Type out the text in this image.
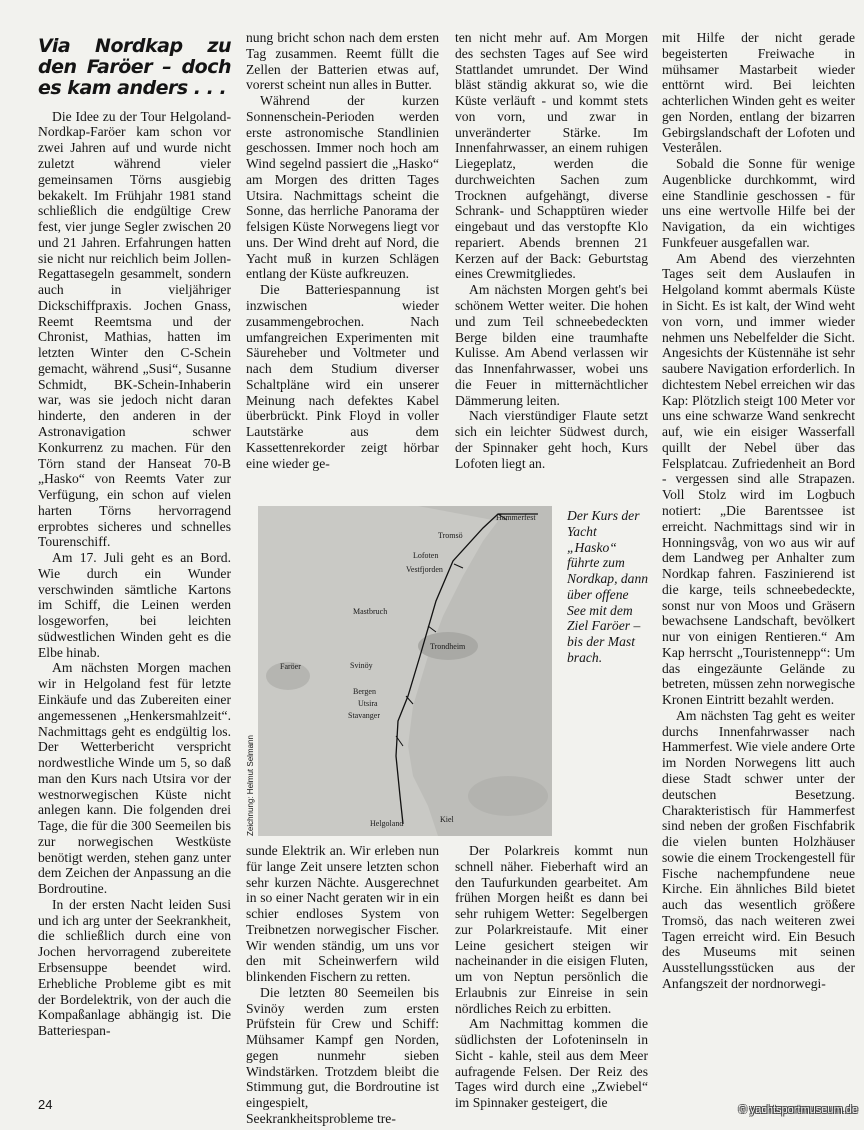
Via Nordkap zu den Faröer – doch es kam anders . . .

Die Idee zu der Tour Helgoland-Nordkap-Faröer kam schon vor zwei Jahren auf und wurde nicht zuletzt während vieler gemeinsamen Törns ausgiebig bekakelt. Im Frühjahr 1981 stand schließlich die endgültige Crew fest, vier junge Segler zwischen 20 und 21 Jahren. Erfahrungen hatten sie nicht nur reichlich beim Jollen-Regattasegeln gesammelt, sondern auch in vieljähriger Dickschiffpraxis. Jochen Gnass, Reemt Reemtsma und der Chronist, Mathias, hatten im letzten Winter den C-Schein gemacht, während „Susi“, Susanne Schmidt, BK-Schein-Inhaberin war, was sie jedoch nicht daran hinderte, den anderen in der Astronavigation schwer Konkurrenz zu machen. Für den Törn stand der Hanseat 70-B „Hasko“ von Reemts Vater zur Verfügung, ein schon auf vielen harten Törns hervorragend erprobtes sicheres und schnelles Tourenschiff.

Am 17. Juli geht es an Bord. Wie durch ein Wunder verschwinden sämtliche Kartons im Schiff, die Leinen werden losgeworfen, bei leichten südwestlichen Winden geht es die Elbe hinab.

Am nächsten Morgen machen wir in Helgoland fest für letzte Einkäufe und das Zubereiten einer angemessenen „Henkersmahlzeit“. Nachmittags geht es endgültig los. Der Wetterbericht verspricht nordwestliche Winde um 5, so daß man den Kurs nach Utsira vor der westnorwegischen Küste nicht anlegen kann. Die folgenden drei Tage, die für die 300 Seemeilen bis zur norwegischen Westküste benötigt werden, stehen ganz unter dem Zeichen der Anpassung an die Bordroutine.

In der ersten Nacht leiden Susi und ich arg unter der Seekrankheit, die schließlich durch eine von Jochen hervorragend zubereitete Erbsensuppe beendet wird. Erhebliche Probleme gibt es mit der Bordelektrik, von der auch die Kompaßanlage abhängig ist. Die Batteriespan-

nung bricht schon nach dem ersten Tag zusammen. Reemt füllt die Zellen der Batterien etwas auf, vorerst scheint nun alles in Butter.

Während der kurzen Sonnenschein-Perioden werden erste astronomische Standlinien geschossen. Immer noch hoch am Wind segelnd passiert die „Hasko“ am Morgen des dritten Tages Utsira. Nachmittags scheint die Sonne, das herrliche Panorama der felsigen Küste Norwegens liegt vor uns. Der Wind dreht auf Nord, die Yacht muß in kurzen Schlägen entlang der Küste aufkreuzen.

Die Batteriespannung ist inzwischen wieder zusammengebrochen. Nach umfangreichen Experimenten mit Säureheber und Voltmeter und nach dem Studium diverser Schaltpläne wird ein unserer Meinung nach defektes Kabel überbrückt. Pink Floyd in voller Lautstärke aus dem Kassettenrekorder zeigt hörbar eine wieder ge-

ten nicht mehr auf. Am Morgen des sechsten Tages auf See wird Stattlandet umrundet. Der Wind bläst ständig akkurat so, wie die Küste verläuft - und kommt stets von vorn, und zwar in unveränderter Stärke. Im Innenfahrwasser, an einem ruhigen Liegeplatz, werden die durchweichten Sachen zum Trocknen aufgehängt, diverse Schrank- und Schapptüren wieder eingebaut und das verstopfte Klo repariert. Abends brennen 21 Kerzen auf der Back: Geburtstag eines Crewmitgliedes.

Am nächsten Morgen geht's bei schönem Wetter weiter. Die hohen und zum Teil schneebedeckten Berge bilden eine traumhafte Kulisse. Am Abend verlassen wir das Innenfahrwasser, wobei uns die Feuer in mitternächtlicher Dämmerung leiten.

Nach vierstündiger Flaute setzt sich ein leichter Südwest durch, der Spinnaker geht hoch, Kurs Lofoten liegt an.

mit Hilfe der nicht gerade begeisterten Freiwache in mühsamer Mastarbeit wieder enttörnt wird. Bei leichten achterlichen Winden geht es weiter gen Norden, entlang der bizarren Gebirgslandschaft der Lofoten und Vesterålen.

Sobald die Sonne für wenige Augenblicke durchkommt, wird eine Standlinie geschossen - für uns eine wertvolle Hilfe bei der Navigation, da ein wichtiges Funkfeuer ausgefallen war.

Am Abend des vierzehnten Tages seit dem Auslaufen in Helgoland kommt abermals Küste in Sicht. Es ist kalt, der Wind weht von vorn, und immer wieder nehmen uns Nebelfelder die Sicht. Angesichts der Küstennähe ist sehr saubere Navigation erforderlich. In dichtestem Nebel erreichen wir das Kap: Plötzlich steigt 100 Meter vor uns eine schwarze Wand senkrecht auf, wie ein eisiger Wasserfall quillt der Nebel über das Felsplatcau. Zufriedenheit an Bord - vergessen sind alle Strapazen. Voll Stolz wird im Logbuch notiert: „Die Barentssee ist erreicht. Nachmittags sind wir in Honningsvåg, von wo aus wir auf dem Landweg per Anhalter zum Nordkap fahren. Faszinierend ist die karge, teils schneebedeckte, sonst nur von Moos und Gräsern bewachsene Landschaft, bevölkert nur von einigen Rentieren.“ Am Kap herrscht „Touristennepp“: Um das eingezäunte Gelände zu betreten, müssen zehn norwegische Kronen Eintritt bezahlt werden.

Am nächsten Tag geht es weiter durchs Innenfahrwasser nach Hammerfest. Wie viele andere Orte im Norden Norwegens litt auch diese Stadt schwer unter der deutschen Besetzung. Charakteristisch für Hammerfest sind neben der großen Fischfabrik die vielen bunten Holzhäuser sowie die einem Trockengestell für Fische nachempfundene neue Kirche. Ein ähnliches Bild bietet auch das wesentlich größere Tromsö, das nach weiteren zwei Tagen erreicht wird. Ein Besuch des Museums mit seinen Ausstellungsstücken aus der Anfangszeit der nordnorwegi-

Zeichnung: Helmut Selmann
Hammerfest
Tromsö
Lofoten
Vestfjorden
Mastbruch
Trondheim
Faröer	Svinöy
Bergen
Utsira
Stavanger
Helgoland	Kiel
Der Kurs der Yacht „Hasko“ führte zum Nordkap, dann über offene See mit dem Ziel Faröer – bis der Mast brach.

sunde Elektrik an. Wir erleben nun für lange Zeit unsere letzten schon sehr kurzen Nächte. Ausgerechnet in so einer Nacht geraten wir in ein schier endloses System von Treibnetzen norwegischer Fischer. Wir wenden ständig, um uns vor den mit Scheinwerfern wild blinkenden Fischern zu retten.

Die letzten 80 Seemeilen bis Svinöy werden zum ersten Prüfstein für Crew und Schiff: Mühsamer Kampf gen Norden, gegen nunmehr sieben Windstärken. Trotzdem bleibt die Stimmung gut, die Bordroutine ist eingespielt, Seekrankheitsprobleme tre-

Der Polarkreis kommt nun schnell näher. Fieberhaft wird an den Taufurkunden gearbeitet. Am frühen Morgen heißt es dann bei sehr ruhigem Wetter: Segelbergen zur Polarkreistaufe. Mit einer Leine gesichert steigen wir nacheinander in die eisigen Fluten, um von Neptun persönlich die Erlaubnis zur Einreise in sein nördliches Reich zu erbitten.

Am Nachmittag kommen die südlichsten der Lofoteninseln in Sicht - kahle, steil aus dem Meer aufragende Felsen. Der Reiz des Tages wird durch eine „Zwiebel“ im Spinnaker gesteigert, die

24	© yachtsportmuseum.de
